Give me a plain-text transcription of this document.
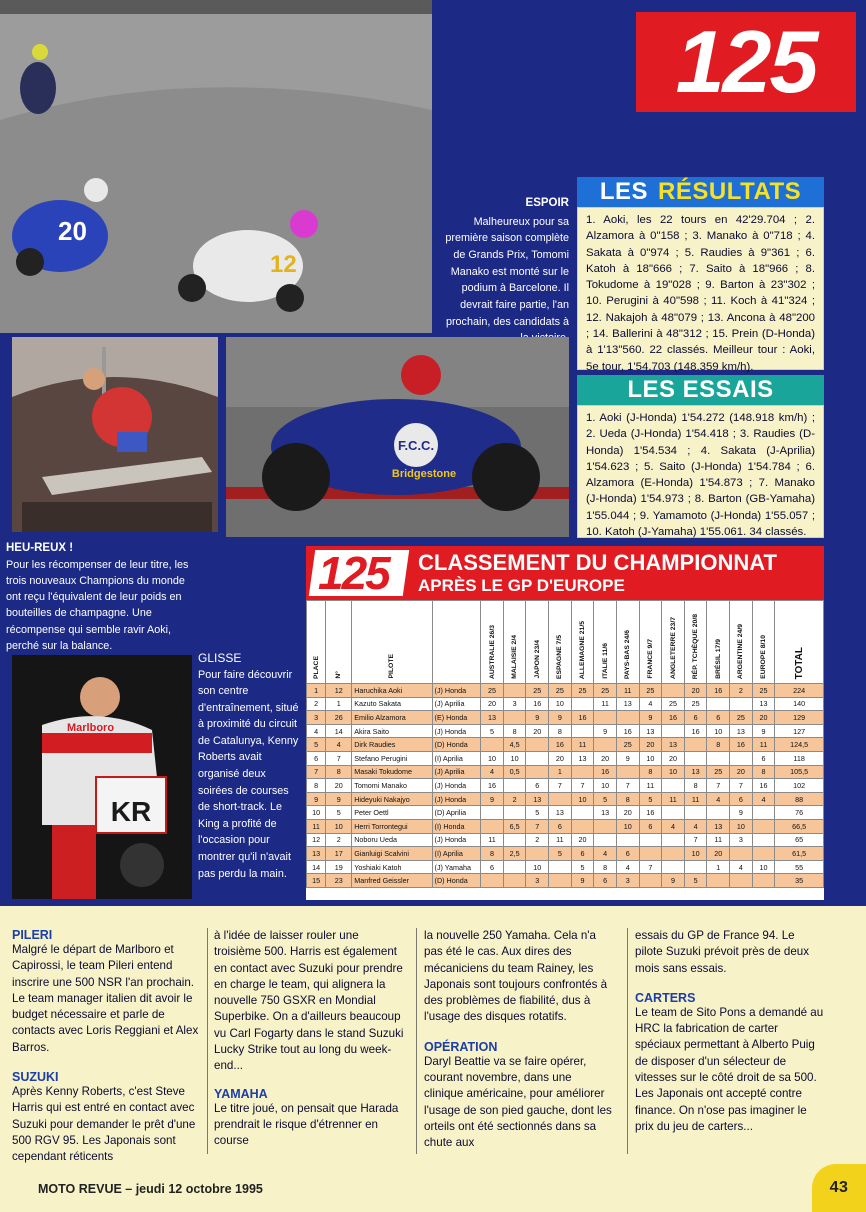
20
12
125
ESPOIR
Malheureux pour sa première saison complète de Grands Prix, Tomomi Manako est monté sur le podium à Barcelone. Il devrait faire partie, l'an prochain, des candidats à
LES RÉSULTATS
1. Aoki, les 22 tours en 42'29.704 ; 2. Alzamora à 0"158 ; 3. Manako à 0"718 ; 4. Sakata à 0"974 ; 5. Raudies à 9"361 ; 6. Katoh à 18"666 ; 7. Saito à 18"966 ; 8. Tokudome à 19"028 ; 9. Barton à 23"302 ; 10. Perugini à 40"598 ; 11. Koch à 41"324 ; 12. Nakajoh à 48"079 ; 13. Ancona à 48"200 ; 14. Ballerini à 48"312 ; 15. Prein (D-Honda) à 1'13"560. 22 classés. Meilleur tour : Aoki, 5e tour, 1'54.703 (148.359 km/h).
LES ESSAIS
1. Aoki (J-Honda) 1'54.272 (148.918 km/h) ; 2. Ueda (J-Honda) 1'54.418 ; 3. Raudies (D-Honda) 1'54.534 ; 4. Sakata (J-Aprilia) 1'54.623 ; 5. Saito (J-Honda) 1'54.784 ; 6. Alzamora (E-Honda) 1'54.873 ; 7. Manako (J-Honda) 1'54.973 ; 8. Barton (GB-Yamaha) 1'55.044 ; 9. Yamamoto (J-Honda) 1'55.057 ; 10. Katoh (J-Yamaha) 1'55.061. 34 classés.
F.C.C.
Bridgestone
HEU-REUX !
Pour les récompenser de leur titre, les trois nouveaux Champions du monde ont reçu l'équivalent de leur poids en bouteilles de champagne. Une récompense qui semble ravir Aoki, perché sur la balance.
125 CLASSEMENT DU CHAMPIONNAT
APRÈS LE GP D'EUROPE
PLACE	N°	PILOTE		AUSTRALIE 26/3	MALAISIE 2/4	JAPON 23/4	ESPAGNE 7/5	ALLEMAGNE 21/5	ITALIE 11/6	PAYS-BAS 24/6	FRANCE 9/7	ANGLETERRE 23/7	RÉP. TCHÈQUE 20/8	BRÉSIL 17/9	ARGENTINE 24/9	EUROPE 8/10	TOTAL
1	12	Haruchika Aoki	(J) Honda	25		25	25	25	25	11	25		20	16	2	25	224
2	1	Kazuto Sakata	(J) Aprilia	20	3	16	10		11	13	4	25	25			13	140
3	26	Emilio Alzamora	(E) Honda	13		9	9	16			9	16	6	6	25	20	129
4	14	Akira Saito	(J) Honda	5	8	20	8		9	16	13		16	10	13	9	127
5	4	Dirk Raudies	(D) Honda		4,5		16	11		25	20	13		8	16	11	124,5
6	7	Stefano Perugini	(I) Aprilia	10	10		20	13	20	9	10	20				6	118
7	8	Masaki Tokudome	(J) Aprilia	4	0,5		1		16		8	10	13	25	20	8	105,5
8	20	Tomomi Manako	(J) Honda	16		6	7	7	10	7	11		8	7	7	16	102
9	9	Hideyuki Nakajyo	(J) Honda	9	2	13		10	5	8	5	11	11	4	6	4	88
10	5	Peter Oettl	(D) Aprilia			5	13		13	20	16				9		76
11	10	Herri Torrontegui	(I) Honda		6,5	7	6			10	6	4	4	13	10		66,5
12	2	Noboru Ueda	(J) Honda	11		2	11	20					7	11	3		65
13	17	Gianluigi Scalvini	(I) Aprilia	8	2,5		5	6	4	6			10	20			61,5
14	19	Yoshiaki Katoh	(J) Yamaha	6		10		5	8	4	7			1	4	10	55
15	23	Manfred Geissler	(D) Honda			3		9	6	3		9	5				35
GLISSE
Pour faire découvrir son centre d'entraînement, situé à proximité du circuit de Catalunya, Kenny Roberts avait organisé deux soirées de courses de short-track. Le King a profité de l'occasion pour montrer qu'il n'avait pas perdu la main.
Marlboro
KR
PILERI
Malgré le départ de Marlboro et Capirossi, le team Pileri entend inscrire une 500 NSR l'an prochain. Le team manager italien dit avoir le budget nécessaire et parle de contacts avec Loris Reggiani et Alex Barros.
SUZUKI
Après Kenny Roberts, c'est Steve Harris qui est entré en contact avec Suzuki pour demander le prêt d'une 500 RGV 95. Les Japonais sont cependant réticents
à l'idée de laisser rouler une troisième 500. Harris est également en contact avec Suzuki pour prendre en charge le team, qui alignera la nouvelle 750 GSXR en Mondial Superbike. On a d'ailleurs beaucoup vu Carl Fogarty dans le stand Suzuki Lucky Strike tout au long du week-end...
YAMAHA
Le titre joué, on pensait que Harada prendrait le risque d'étrenner en course
la nouvelle 250 Yamaha. Cela n'a pas été le cas. Aux dires des mécaniciens du team Rainey, les Japonais sont toujours confrontés à des problèmes de fiabilité, dus à l'usage des disques rotatifs.
OPÉRATION
Daryl Beattie va se faire opérer, courant novembre, dans une clinique américaine, pour améliorer l'usage de son pied gauche, dont les orteils ont été sectionnés dans sa chute aux
essais du GP de France 94. Le pilote Suzuki prévoit près de deux mois sans essais.
CARTERS
Le team de Sito Pons a demandé au HRC la fabrication de carter spéciaux permettant à Alberto Puig de disposer d'un sélecteur de vitesses sur le côté droit de sa 500. Les Japonais ont accepté contre finance. On n'ose pas imaginer le prix du jeu de carters...
MOTO REVUE – jeudi 12 octobre 1995	43
